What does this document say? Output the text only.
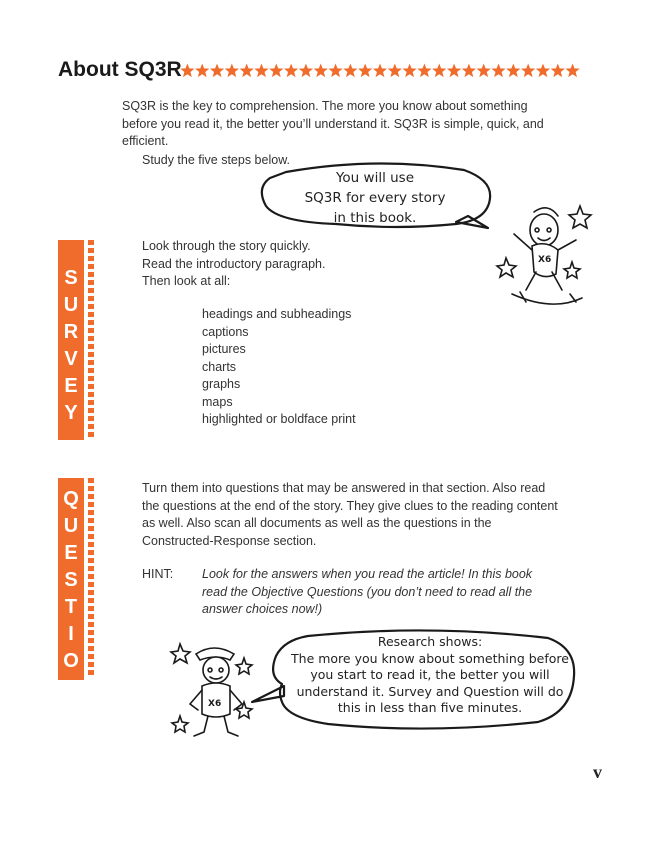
About SQ3R
SQ3R is the key to comprehension. The more you know about something before you read it, the better you’ll understand it. SQ3R is simple, quick, and efficient.
Study the five steps below.
You will use
SQ3R for every story
in this book.
X6
S
U
R
V
E
Y
Look through the story quickly.
Read the introductory paragraph.
Then look at all:
headings and subheadings
captions
pictures
charts
graphs
maps
highlighted or boldface print
Q
U
E
S
T
I
O
N
Turn them into questions that may be answered in that section. Also read the questions at the end of the story. They give clues to the reading content as well. Also scan all documents as well as the questions in the Constructed-Response section.
HINT: Look for the answers when you read the article! In this book read the Objective Questions (you don’t need to read all the answer choices now!)
X6
Research shows:
The more you know about something before
you start to read it, the better you will
understand it. Survey and Question will do
this in less than five minutes.
v
